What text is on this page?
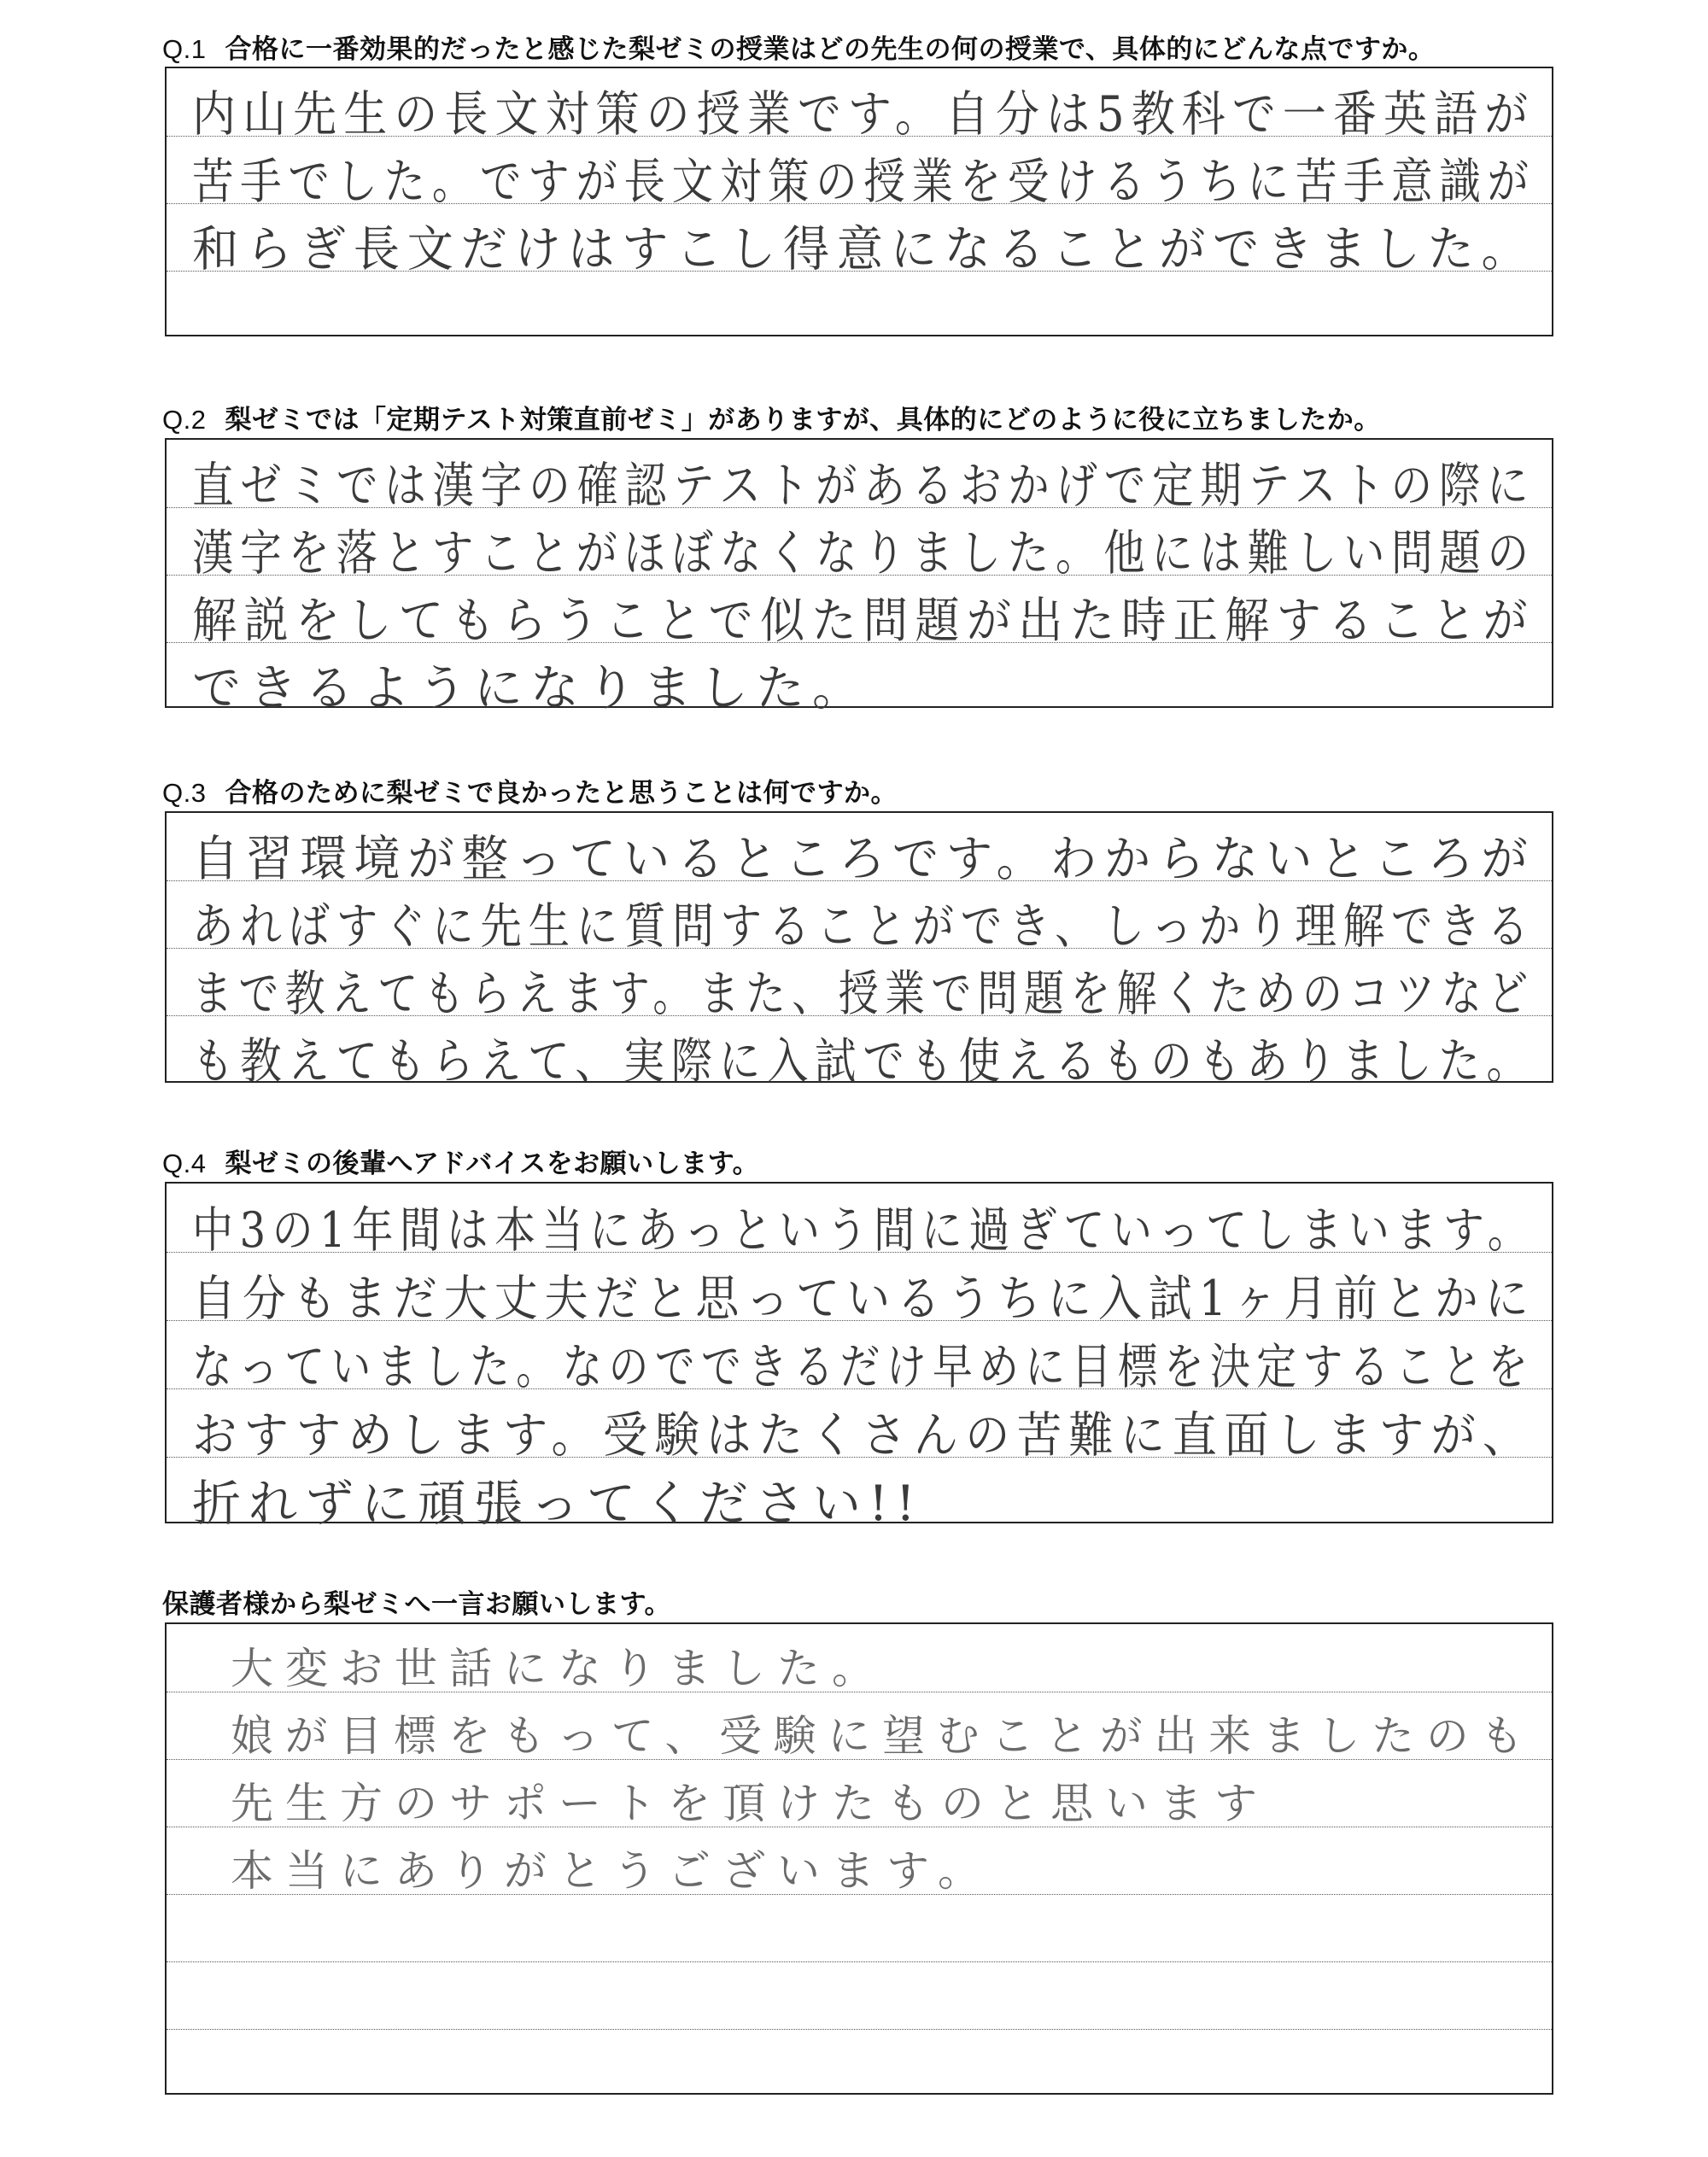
Q.1 合格に一番効果的だったと感じた梨ゼミの授業はどの先生の何の授業で、具体的にどんな点ですか。
内山先生の長文対策の授業です。自分は5教科で一番英語が
苦手でした。ですが長文対策の授業を受けるうちに苦手意識が
和らぎ長文だけはすこし得意になることができました。
Q.2 梨ゼミでは「定期テスト対策直前ゼミ」がありますが、具体的にどのように役に立ちましたか。
直ゼミでは漢字の確認テストがあるおかげで定期テストの際に
漢字を落とすことがほぼなくなりました。他には難しい問題の
解説をしてもらうことで似た問題が出た時正解することが
できるようになりました。
Q.3 合格のために梨ゼミで良かったと思うことは何ですか。
自習環境が整っているところです。わからないところが
あればすぐに先生に質問することができ、しっかり理解できる
まで教えてもらえます。また、授業で問題を解くためのコツなど
も教えてもらえて、実際に入試でも使えるものもありました。
Q.4 梨ゼミの後輩へアドバイスをお願いします。
中3の1年間は本当にあっという間に過ぎていってしまいます。
自分もまだ大丈夫だと思っているうちに入試1ヶ月前とかに
なっていました。なのでできるだけ早めに目標を決定することを
おすすめします。受験はたくさんの苦難に直面しますが、
折れずに頑張ってください!!
保護者様から梨ゼミへ一言お願いします。
大変お世話になりました。
娘が目標をもって、受験に望むことが出来ましたのも
先生方のサポートを頂けたものと思います
本当にありがとうございます。
